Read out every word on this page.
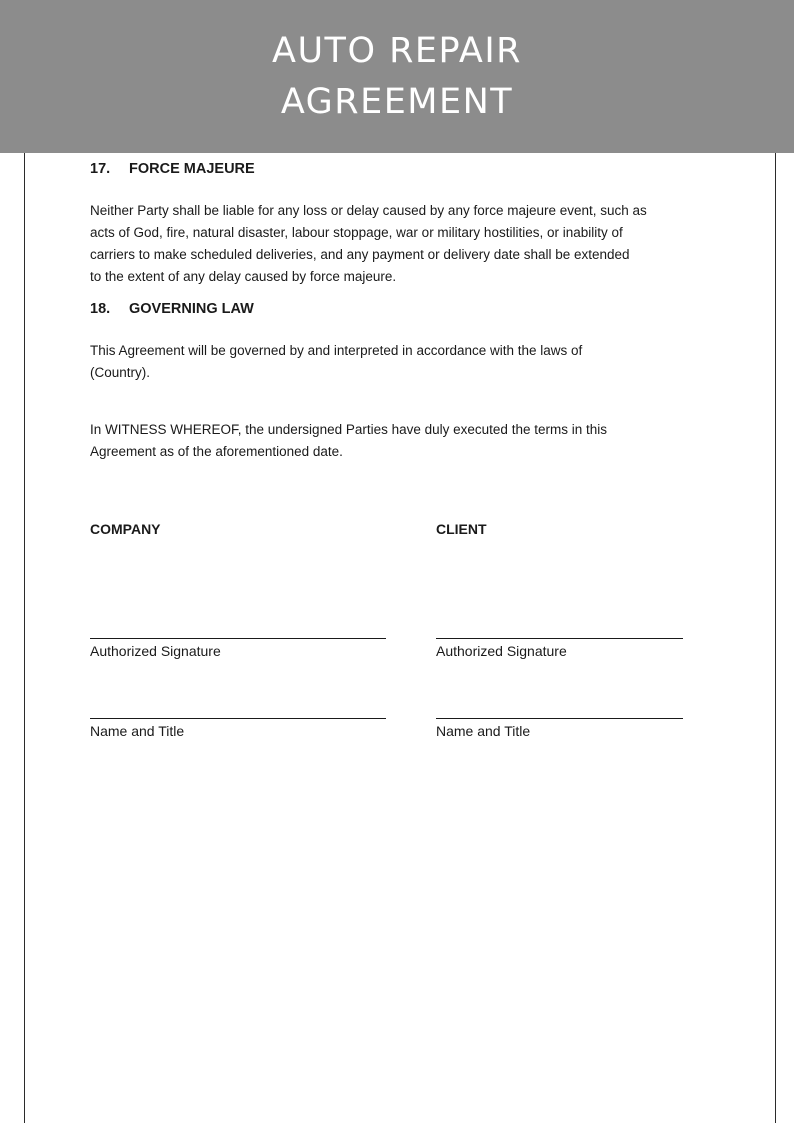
AUTO REPAIR
AGREEMENT
17. FORCE MAJEURE

Neither Party shall be liable for any loss or delay caused by any force majeure event, such as

acts of God, fire, natural disaster, labour stoppage, war or military hostilities, or inability of

carriers to make scheduled deliveries, and any payment or delivery date shall be extended

to the extent of any delay caused by force majeure.

18. GOVERNING LAW

This Agreement will be governed by and interpreted in accordance with the laws of

(Country).

In WITNESS WHEREOF, the undersigned Parties have duly executed the terms in this

Agreement as of the aforementioned date.

COMPANY
Authorized Signature
Name and Title
CLIENT
Authorized Signature
Name and Title
